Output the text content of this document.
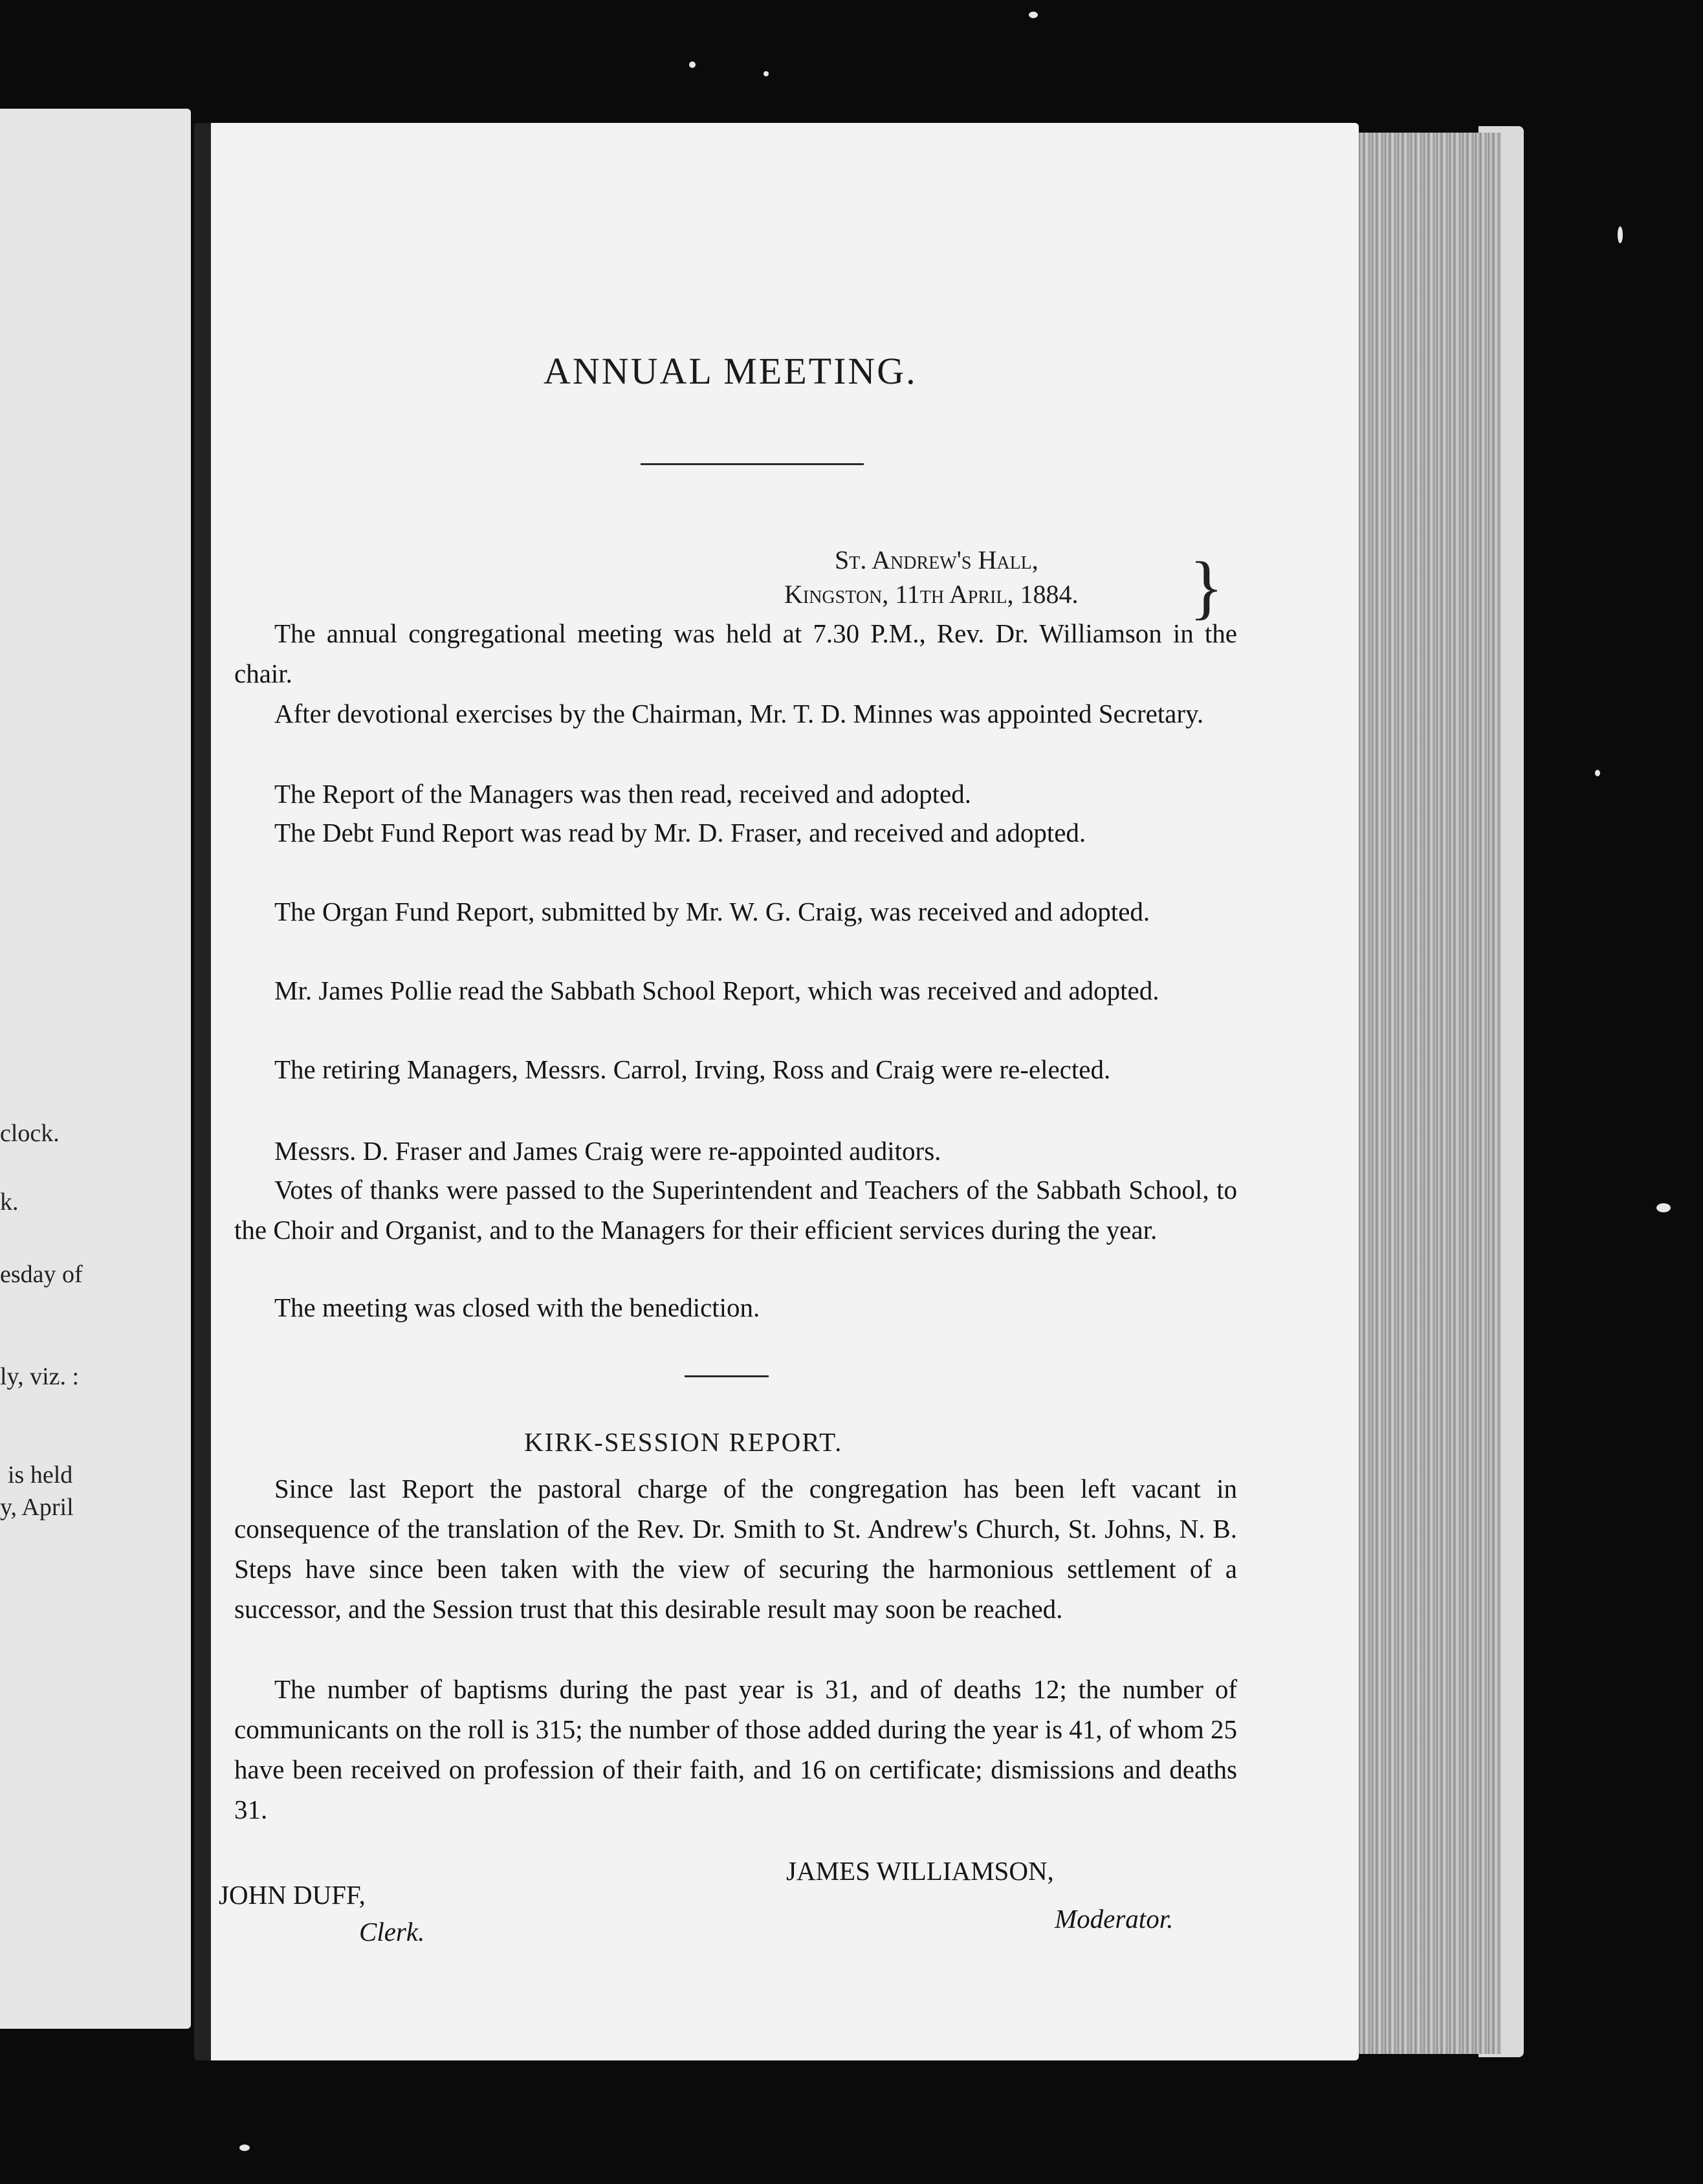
clock.
k.
esday of
ly, viz. :
is held
y, April
ANNUAL MEETING.
St. Andrew's Hall,
Kingston, 11th April, 1884. }
The annual congregational meeting was held at 7.30 P.M., Rev. Dr. Williamson in the chair.
After devotional exercises by the Chairman, Mr. T. D. Minnes was appointed Secretary.
The Report of the Managers was then read, received and adopted.
The Debt Fund Report was read by Mr. D. Fraser, and received and adopted.
The Organ Fund Report, submitted by Mr. W. G. Craig, was received and adopted.
Mr. James Pollie read the Sabbath School Report, which was received and adopted.
The retiring Managers, Messrs. Carrol, Irving, Ross and Craig were re-elected.
Messrs. D. Fraser and James Craig were re-appointed auditors.
Votes of thanks were passed to the Superintendent and Teachers of the Sabbath School, to the Choir and Organist, and to the Managers for their efficient services during the year.
The meeting was closed with the benediction.
KIRK-SESSION REPORT.
Since last Report the pastoral charge of the congregation has been left vacant in consequence of the translation of the Rev. Dr. Smith to St. Andrew's Church, St. Johns, N. B. Steps have since been taken with the view of securing the harmonious settlement of a successor, and the Session trust that this desirable result may soon be reached.
The number of baptisms during the past year is 31, and of deaths 12; the number of communicants on the roll is 315; the number of those added during the year is 41, of whom 25 have been received on profession of their faith, and 16 on certificate; dismissions and deaths 31.
JAMES WILLIAMSON,
Moderator.
JOHN DUFF,
Clerk.
